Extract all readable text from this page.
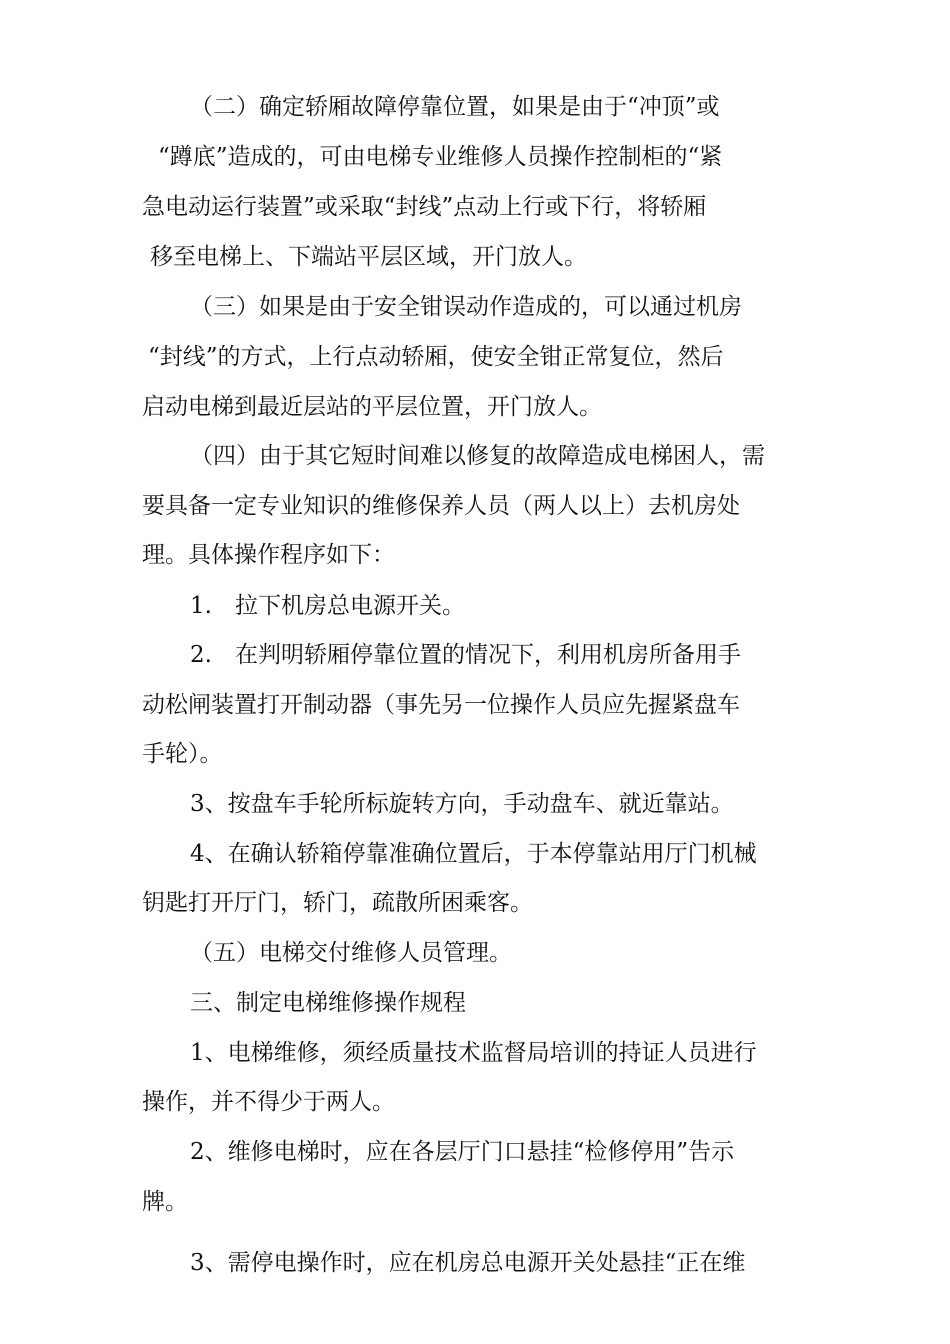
（二）确定轿厢故障停靠位置，如果是由于“冲顶”或
“蹲底”造成的，可由电梯专业维修人员操作控制柜的“紧
急电动运行装置”或采取“封线”点动上行或下行，将轿厢
移至电梯上、下端站平层区域，开门放人。
（三）如果是由于安全钳误动作造成的，可以通过机房
“封线”的方式，上行点动轿厢，使安全钳正常复位，然后
启动电梯到最近层站的平层位置，开门放人。
（四）由于其它短时间难以修复的故障造成电梯困人，需
要具备一定专业知识的维修保养人员（两人以上）去机房处
理。具体操作程序如下：
1.　拉下机房总电源开关。
2.　在判明轿厢停靠位置的情况下，利用机房所备用手
动松闸装置打开制动器（事先另一位操作人员应先握紧盘车
手轮）。
3、按盘车手轮所标旋转方向，手动盘车、就近靠站。
4、在确认轿箱停靠准确位置后，于本停靠站用厅门机械
钥匙打开厅门，轿门，疏散所困乘客。
（五）电梯交付维修人员管理。
三、制定电梯维修操作规程
1、电梯维修，须经质量技术监督局培训的持证人员进行
操作，并不得少于两人。
2、维修电梯时，应在各层厅门口悬挂“检修停用”告示
牌。
3、需停电操作时，应在机房总电源开关处悬挂“正在维
